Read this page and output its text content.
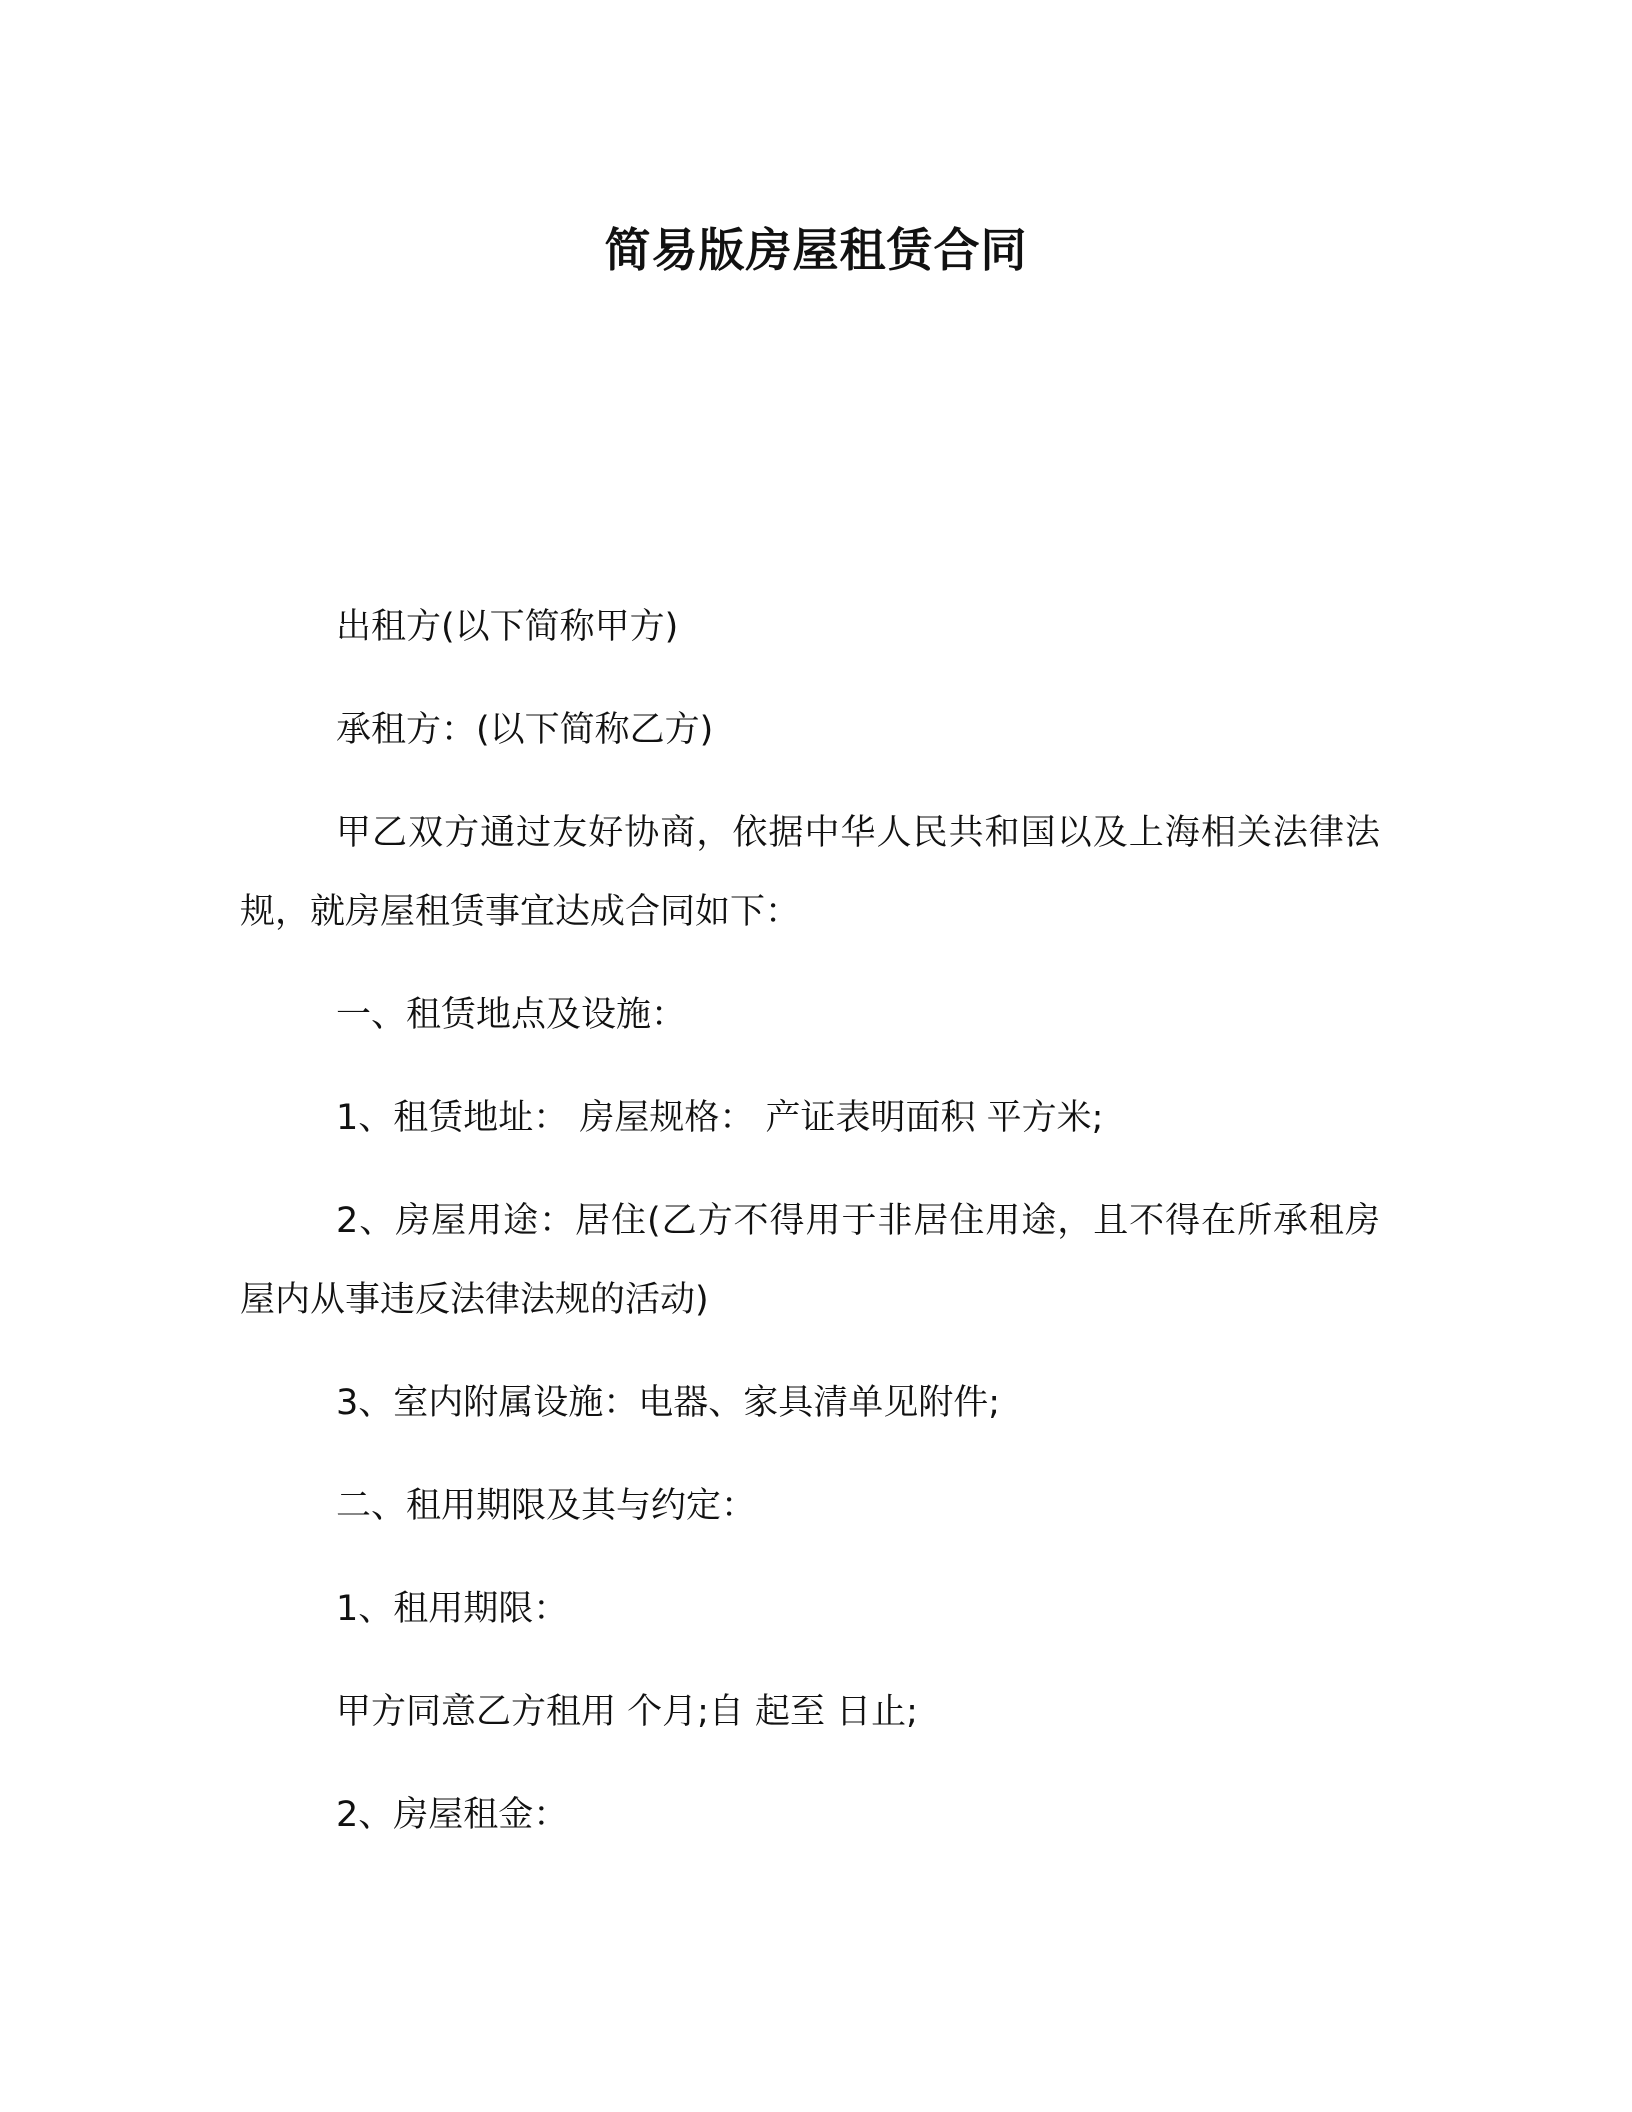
简易版房屋租赁合同

出租方(以下简称甲方)

承租方：(以下简称乙方)

甲乙双方通过友好协商，依据中华人民共和国以及上海相关法律法规，就房屋租赁事宜达成合同如下：

一、租赁地点及设施：

1、租赁地址： 房屋规格： 产证表明面积 平方米;

2、房屋用途：居住(乙方不得用于非居住用途，且不得在所承租房屋内从事违反法律法规的活动)

3、室内附属设施：电器、家具清单见附件;

二、租用期限及其与约定：

1、租用期限：

甲方同意乙方租用 个月;自 起至 日止;

2、房屋租金：
